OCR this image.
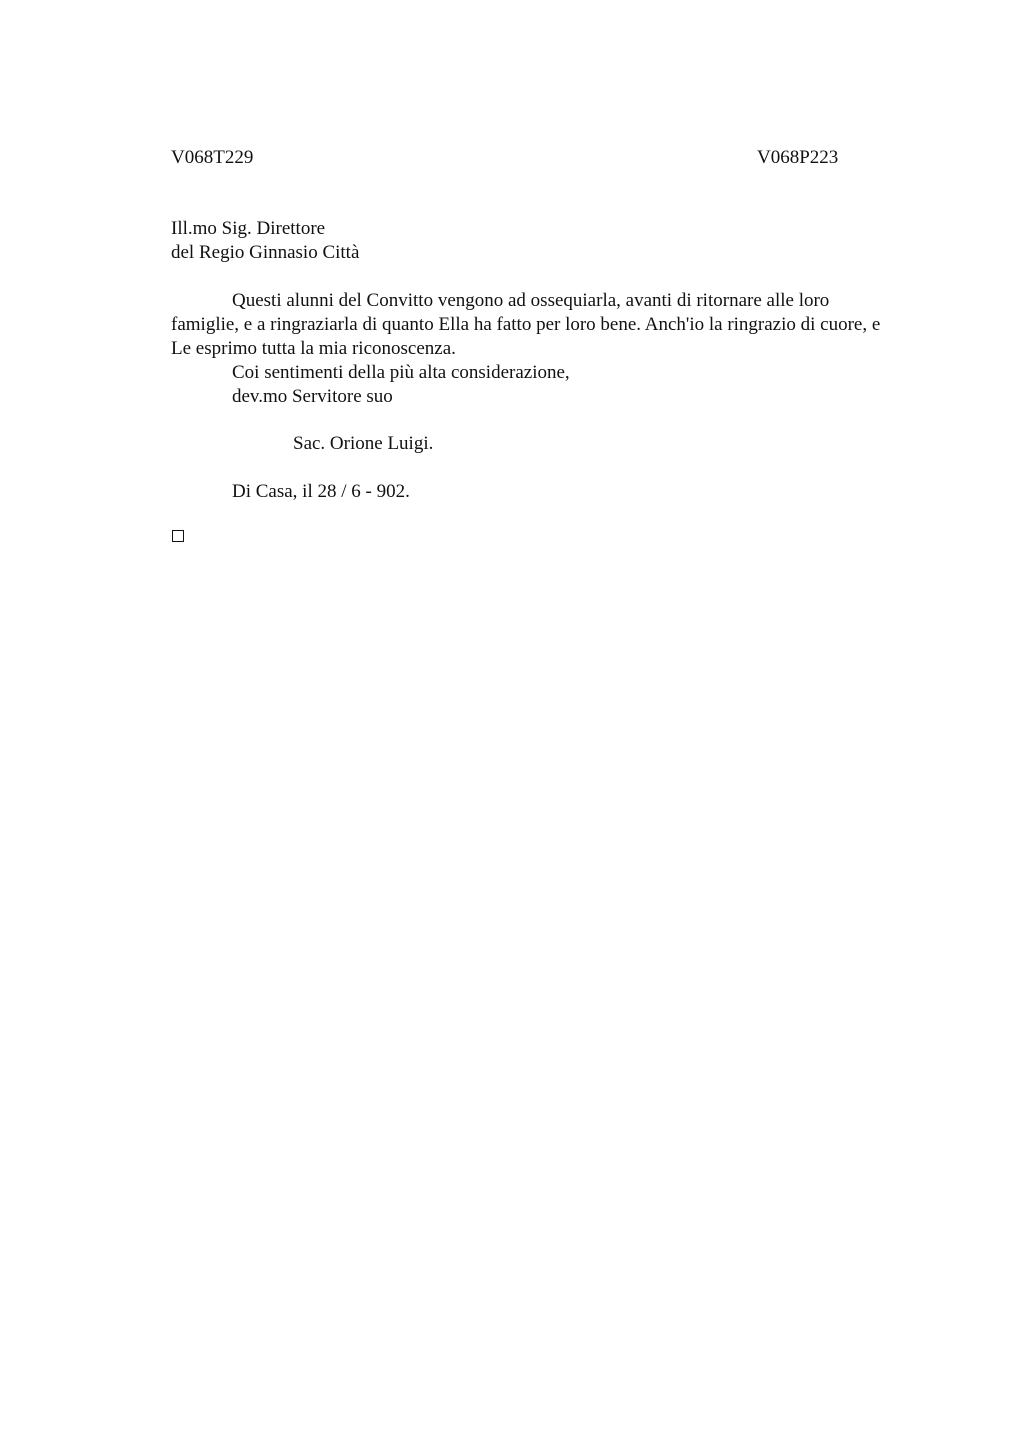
V068T229	V068P223
Ill.mo Sig. Direttore
del Regio Ginnasio Città
Questi alunni del Convitto vengono ad ossequiarla, avanti di ritornare alle loro famiglie, e a ringraziarla di quanto Ella ha fatto per loro bene. Anch'io la ringrazio di cuore, e Le esprimo tutta la mia riconoscenza.
Coi sentimenti della più alta considerazione,
dev.mo Servitore suo
Sac. Orione Luigi.
Di Casa, il 28 / 6 - 902.
